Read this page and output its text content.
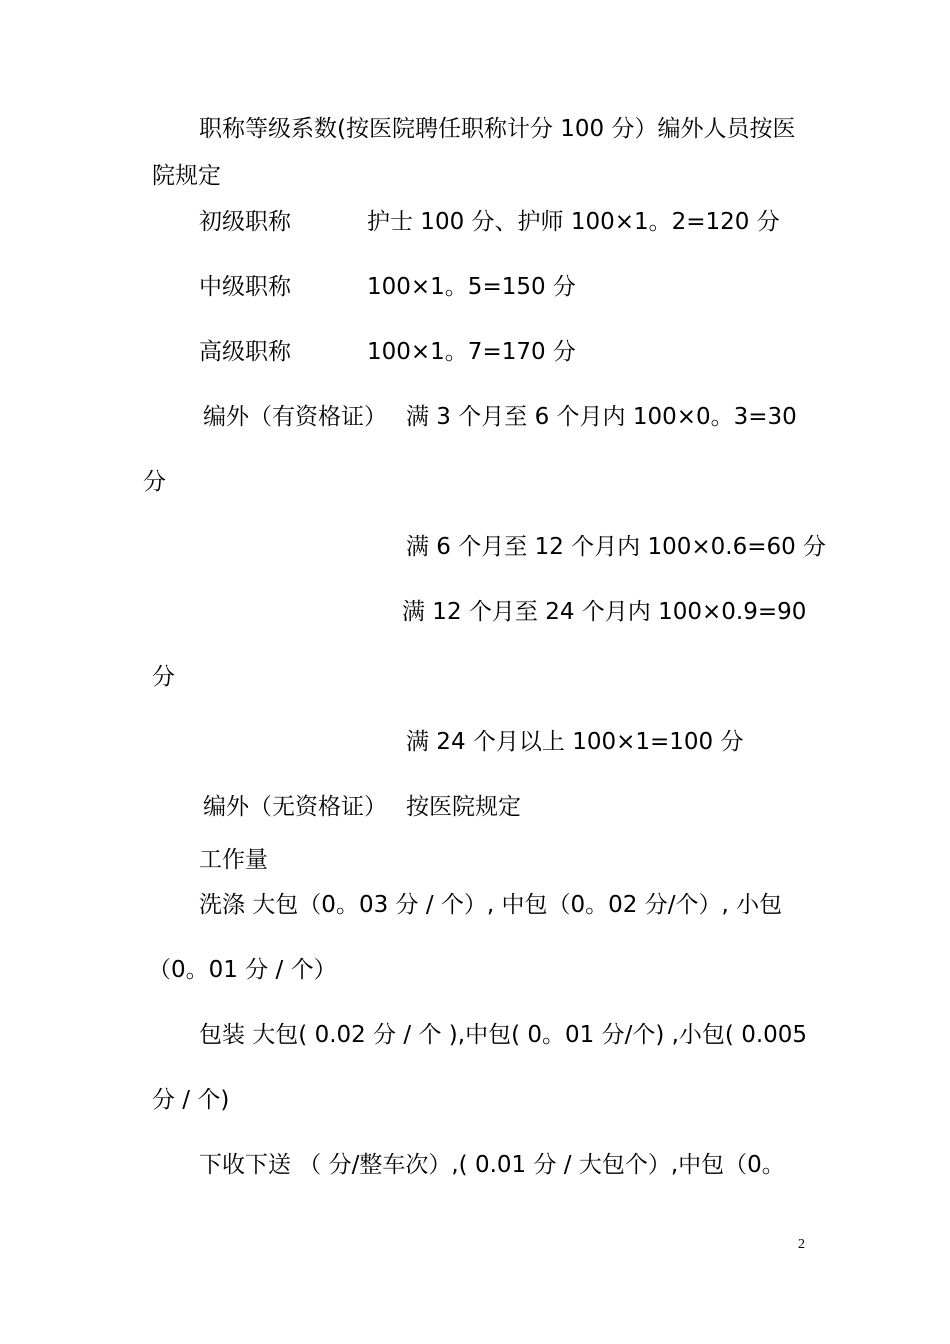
职称等级系数(按医院聘任职称计分 100 分）编外人员按医
院规定
初级职称	护士 100 分、护师 100×1。2=120 分
中级职称	100×1。5=150 分
高级职称	100×1。7=170 分
编外（有资格证） 满 3 个月至 6 个月内 100×0。3=30
分
满 6 个月至 12 个月内 100×0.6=60 分
满 12 个月至 24 个月内 100×0.9=90
分
满 24 个月以上 100×1=100 分
编外（无资格证） 按医院规定
工作量
洗涤 大包（0。03 分 / 个）, 中包（0。02 分/个）, 小包
（0。01 分 / 个）
包装 大包( 0.02 分 / 个 ),中包( 0。01 分/个) ,小包( 0.005
分 / 个)
下收下送 （ 分/整车次）,( 0.01 分 / 大包个）,中包（0。
2
